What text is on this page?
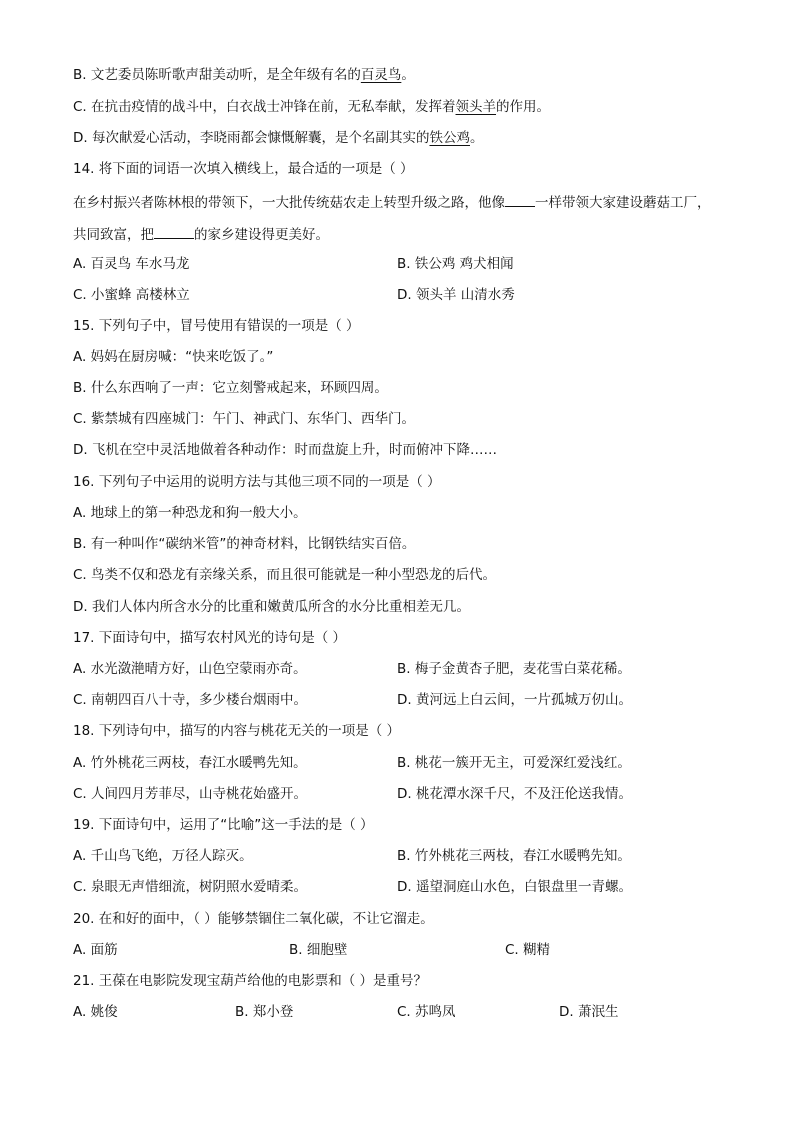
B. 文艺委员陈昕歌声甜美动听，是全年级有名的百灵鸟。
C. 在抗击疫情的战斗中，白衣战士冲锋在前，无私奉献，发挥着领头羊的作用。
D. 每次献爱心活动，李晓雨都会慷慨解囊，是个名副其实的铁公鸡。
14. 将下面的词语一次填入横线上，最合适的一项是（ ）
在乡村振兴者陈林根的带领下，一大批传统菇农走上转型升级之路，他像 一样带领大家建设蘑菇工厂，
共同致富，把	的家乡建设得更美好。
A. 百灵鸟 车水马龙	B. 铁公鸡 鸡犬相闻
C. 小蜜蜂 高楼林立	D. 领头羊 山清水秀
15. 下列句子中，冒号使用有错误的一项是（ ）
A. 妈妈在厨房喊：“快来吃饭了。”
B. 什么东西响了一声：它立刻警戒起来，环顾四周。
C. 紫禁城有四座城门：午门、神武门、东华门、西华门。
D. 飞机在空中灵活地做着各种动作：时而盘旋上升，时而俯冲下降……
16. 下列句子中运用的说明方法与其他三项不同的一项是（ ）
A. 地球上的第一种恐龙和狗一般大小。
B. 有一种叫作“碳纳米管”的神奇材料，比钢铁结实百倍。
C. 鸟类不仅和恐龙有亲缘关系，而且很可能就是一种小型恐龙的后代。
D. 我们人体内所含水分的比重和嫩黄瓜所含的水分比重相差无几。
17. 下面诗句中，描写农村风光的诗句是（ ）
A. 水光潋滟晴方好，山色空蒙雨亦奇。	B. 梅子金黄杏子肥，麦花雪白菜花稀。
C. 南朝四百八十寺，多少楼台烟雨中。	D. 黄河远上白云间，一片孤城万仞山。
18. 下列诗句中，描写的内容与桃花无关的一项是（ ）
A. 竹外桃花三两枝，春江水暖鸭先知。	B. 桃花一簇开无主，可爱深红爱浅红。
C. 人间四月芳菲尽，山寺桃花始盛开。	D. 桃花潭水深千尺，不及汪伦送我情。
19. 下面诗句中，运用了“比喻”这一手法的是（ ）
A. 千山鸟飞绝，万径人踪灭。	B. 竹外桃花三两枝，春江水暖鸭先知。
C. 泉眼无声惜细流，树阴照水爱晴柔。	D. 遥望洞庭山水色，白银盘里一青螺。
20. 在和好的面中，（ ）能够禁锢住二氧化碳，不让它溜走。
A. 面筋	B. 细胞壁	C. 糊精
21. 王葆在电影院发现宝葫芦给他的电影票和（ ）是重号？
A. 姚俊	B. 郑小登	C. 苏鸣凤	D. 萧泯生
